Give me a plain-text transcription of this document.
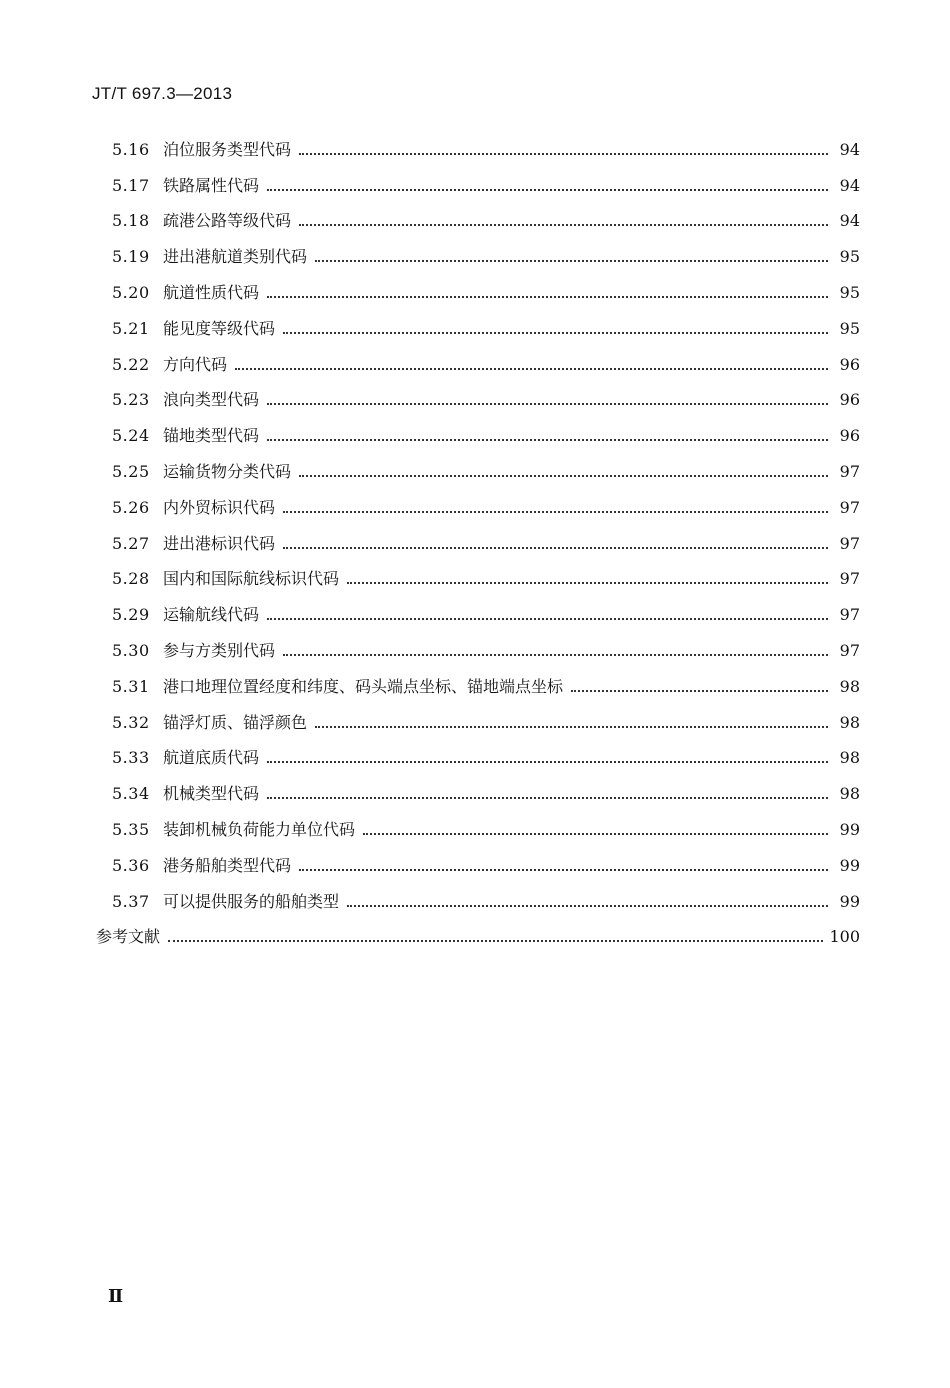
JT/T 697.3—2013
5.16 泊位服务类型代码	94
5.17 铁路属性代码	94
5.18 疏港公路等级代码	94
5.19 进出港航道类别代码	95
5.20 航道性质代码	95
5.21 能见度等级代码	95
5.22 方向代码	96
5.23 浪向类型代码	96
5.24 锚地类型代码	96
5.25 运输货物分类代码	97
5.26 内外贸标识代码	97
5.27 进出港标识代码	97
5.28 国内和国际航线标识代码	97
5.29 运输航线代码	97
5.30 参与方类别代码	97
5.31 港口地理位置经度和纬度、码头端点坐标、锚地端点坐标	98
5.32 锚浮灯质、锚浮颜色	98
5.33 航道底质代码	98
5.34 机械类型代码	98
5.35 装卸机械负荷能力单位代码	99
5.36 港务船舶类型代码	99
5.37 可以提供服务的船舶类型	99
参考文献	100
Ⅱ
